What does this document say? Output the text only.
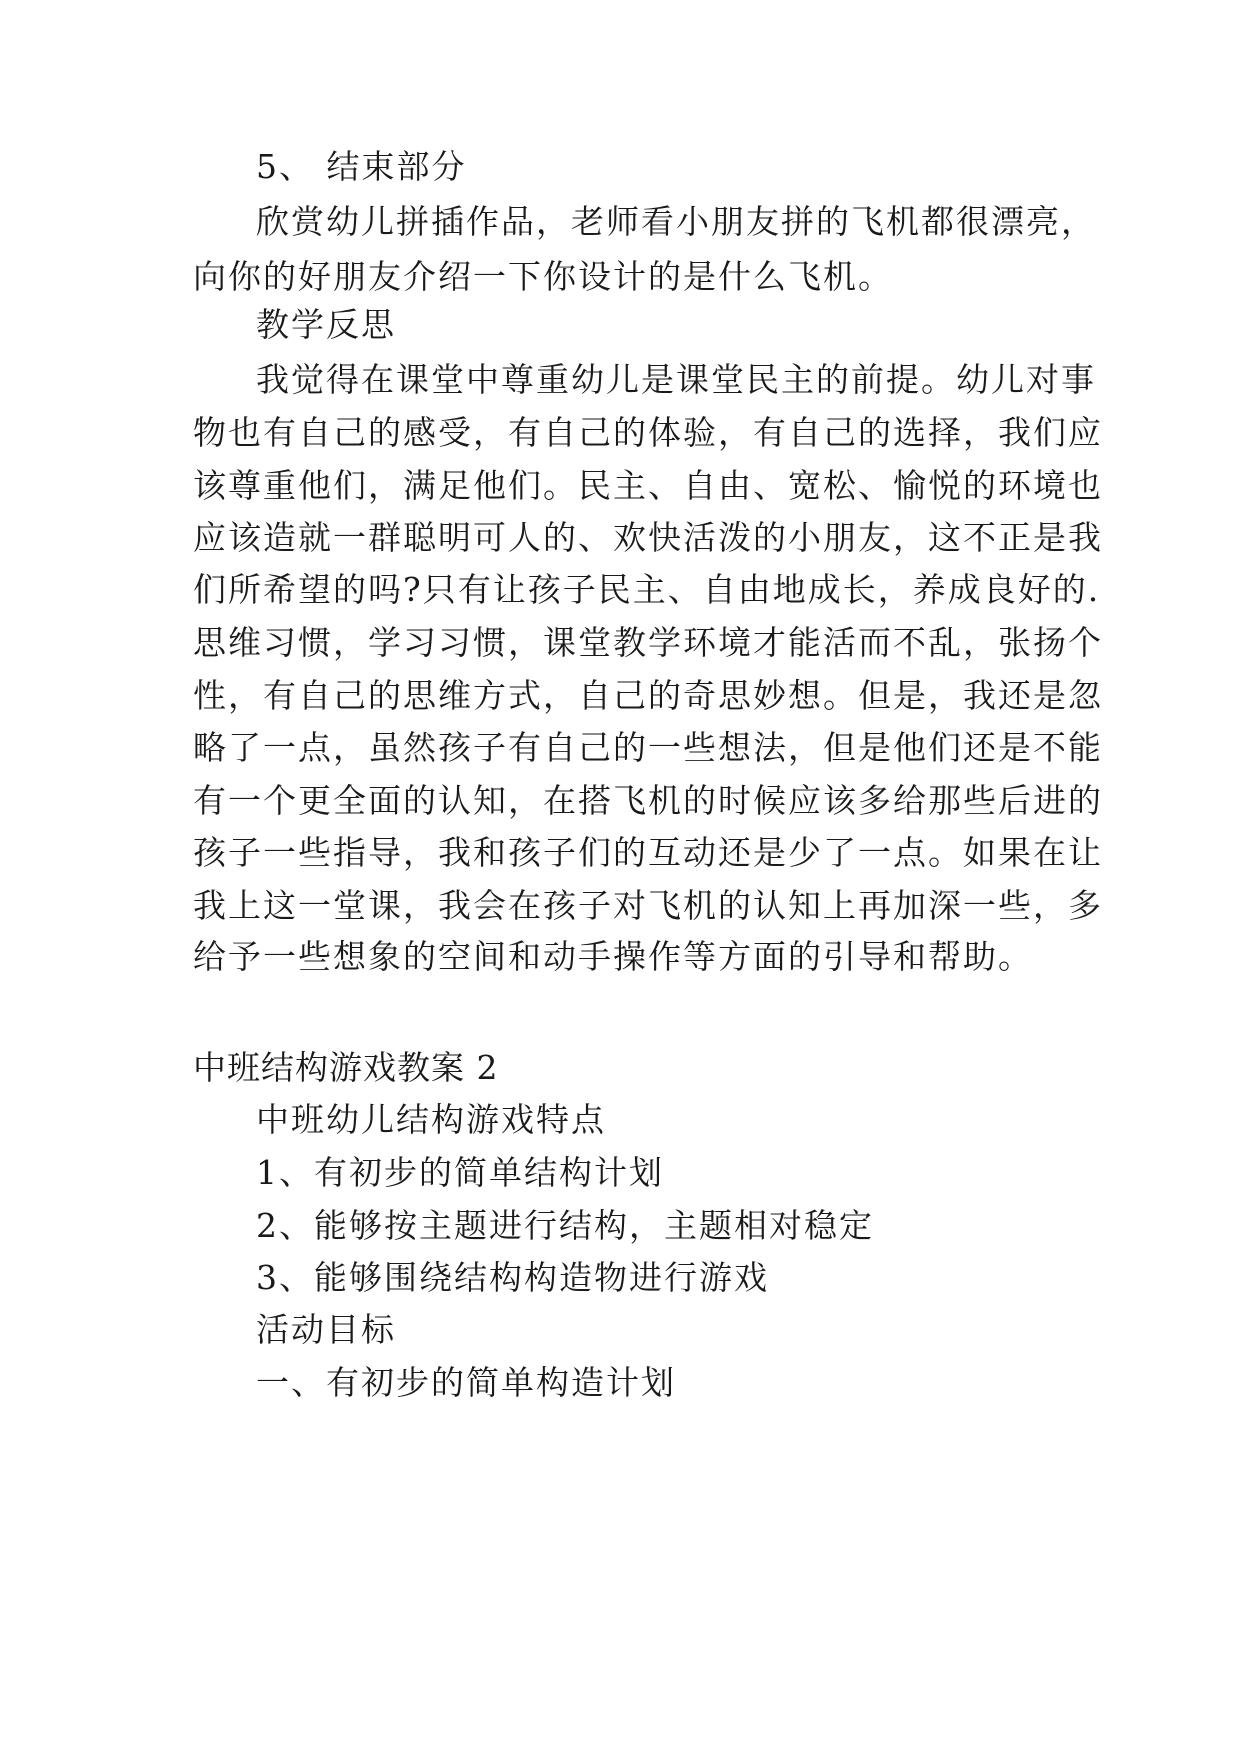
5、 结束部分

欣赏幼儿拼插作品，老师看小朋友拼的飞机都很漂亮，

向你的好朋友介绍一下你设计的是什么飞机。

教学反思

我觉得在课堂中尊重幼儿是课堂民主的前提。幼儿对事

物也有自己的感受，有自己的体验，有自己的选择，我们应

该尊重他们，满足他们。民主、自由、宽松、愉悦的环境也

应该造就一群聪明可人的、欢快活泼的小朋友，这不正是我

们所希望的吗?只有让孩子民主、自由地成长，养成良好的.

思维习惯，学习习惯，课堂教学环境才能活而不乱，张扬个

性，有自己的思维方式，自己的奇思妙想。但是，我还是忽

略了一点，虽然孩子有自己的一些想法，但是他们还是不能

有一个更全面的认知，在搭飞机的时候应该多给那些后进的

孩子一些指导，我和孩子们的互动还是少了一点。如果在让

我上这一堂课，我会在孩子对飞机的认知上再加深一些，多

给予一些想象的空间和动手操作等方面的引导和帮助。

中班结构游戏教案 2

中班幼儿结构游戏特点

1、有初步的简单结构计划

2、能够按主题进行结构，主题相对稳定

3、能够围绕结构构造物进行游戏

活动目标

一、有初步的简单构造计划
